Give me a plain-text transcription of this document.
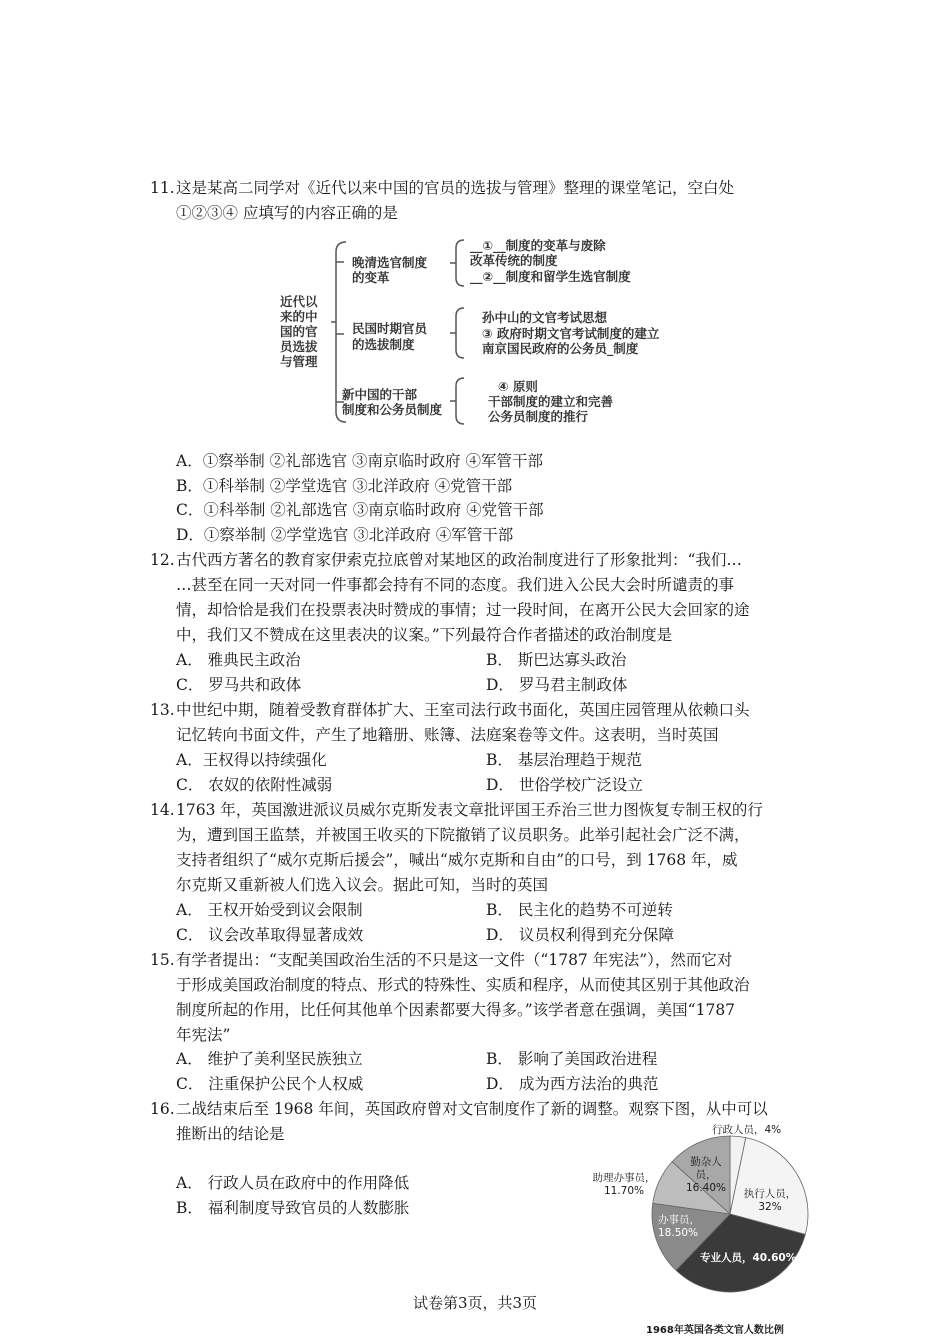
11. 这是某高二同学对《近代以来中国的官员的选拔与管理》整理的课堂笔记，空白处
①②③④ 应填写的内容正确的是
近代以
来的中
国的官
员选拔
与管理
晚清选官制度
的变革
__①__制度的变革与废除
改革传统的制度
__②__制度和留学生选官制度
民国时期官员
的选拔制度
孙中山的文官考试思想
③ 政府时期文官考试制度的建立
南京国民政府的公务员_制度
新中国的干部
制度和公务员制度
④ 原则
干部制度的建立和完善
公务员制度的推行
A．①察举制 ②礼部选官 ③南京临时政府 ④军管干部
B．①科举制 ②学堂选官 ③北洋政府 ④党管干部
C．①科举制 ②礼部选官 ③南京临时政府 ④党管干部
D．①察举制 ②学堂选官 ③北洋政府 ④军管干部
12. 古代西方著名的教育家伊索克拉底曾对某地区的政治制度进行了形象批判：“我们…
…甚至在同一天对同一件事都会持有不同的态度。我们进入公民大会时所谴责的事
情，却恰恰是我们在投票表决时赞成的事情；过一段时间，在离开公民大会回家的途
中，我们又不赞成在这里表决的议案。”下列最符合作者描述的政治制度是
A． 雅典民主政治	B． 斯巴达寡头政治
C． 罗马共和政体	D． 罗马君主制政体
13. 中世纪中期，随着受教育群体扩大、王室司法行政书面化，英国庄园管理从依赖口头
记忆转向书面文件，产生了地籍册、账簿、法庭案卷等文件。这表明，当时英国
A．王权得以持续强化	B． 基层治理趋于规范
C． 农奴的依附性减弱	D． 世俗学校广泛设立
14. 1763 年，英国激进派议员威尔克斯发表文章批评国王乔治三世力图恢复专制王权的行
为，遭到国王监禁，并被国王收买的下院撤销了议员职务。此举引起社会广泛不满，
支持者组织了“威尔克斯后援会”，喊出“威尔克斯和自由”的口号，到 1768 年，威
尔克斯又重新被人们选入议会。据此可知，当时的英国
A． 王权开始受到议会限制	B． 民主化的趋势不可逆转
C． 议会改革取得显著成效	D． 议员权利得到充分保障
15. 有学者提出：“支配美国政治生活的不只是这一文件（“1787 年宪法”），然而它对
于形成美国政治制度的特点、形式的特殊性、实质和程序，从而使其区别于其他政治
制度所起的作用，比任何其他单个因素都要大得多。”该学者意在强调，美国“1787
年宪法”
A． 维护了美利坚民族独立	B． 影响了美国政治进程
C． 注重保护公民个人权威	D． 成为西方法治的典范
16. 二战结束后至 1968 年间，英国政府曾对文官制度作了新的调整。观察下图，从中可以
推断出的结论是
A． 行政人员在政府中的作用降低
B． 福利制度导致官员的人数膨胀
行政人员，4%
执行人员，32%
专业人员，40.60%
办事员，18.50%
助理办事员，11.70%
勤杂人员，16.40%
1968年英国各类文官人数比例
试卷第3页，共3页
